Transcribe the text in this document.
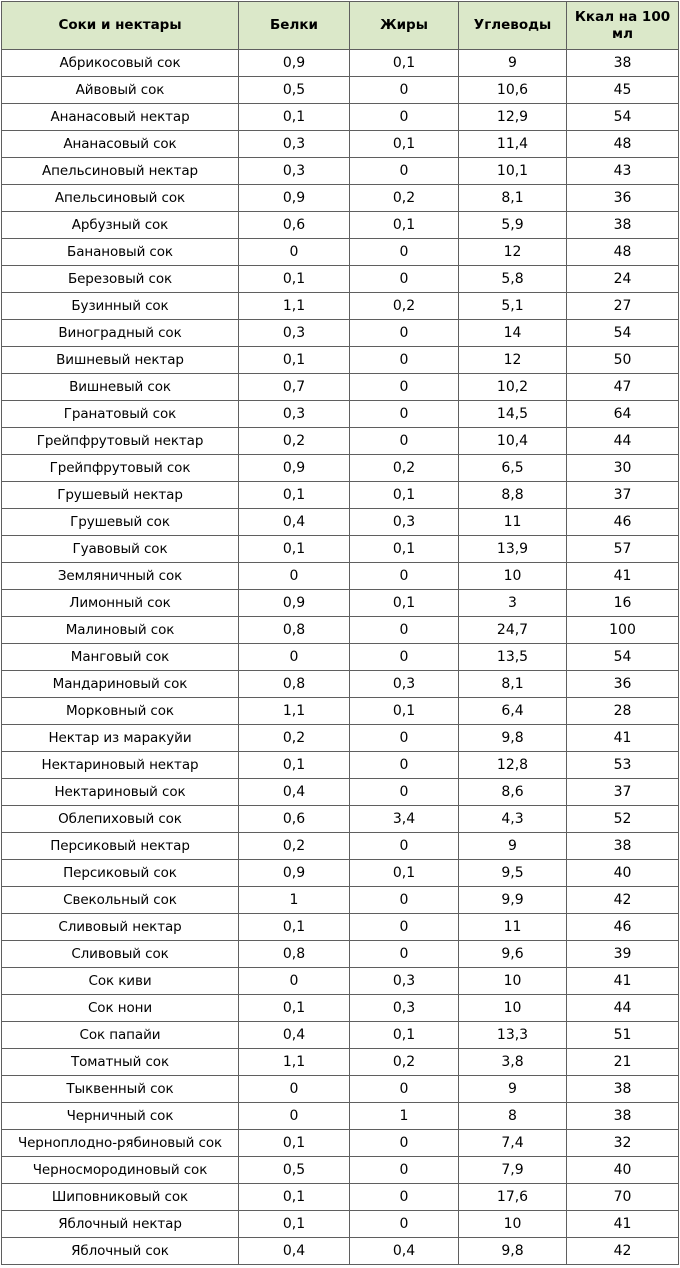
Соки и нектары	Белки	Жиры	Углеводы	Ккал на 100 мл
Абрикосовый сок	0,9	0,1	9	38
Айвовый сок	0,5	0	10,6	45
Ананасовый нектар	0,1	0	12,9	54
Ананасовый сок	0,3	0,1	11,4	48
Апельсиновый нектар	0,3	0	10,1	43
Апельсиновый сок	0,9	0,2	8,1	36
Арбузный сок	0,6	0,1	5,9	38
Банановый сок	0	0	12	48
Березовый сок	0,1	0	5,8	24
Бузинный сок	1,1	0,2	5,1	27
Виноградный сок	0,3	0	14	54
Вишневый нектар	0,1	0	12	50
Вишневый сок	0,7	0	10,2	47
Гранатовый сок	0,3	0	14,5	64
Грейпфрутовый нектар	0,2	0	10,4	44
Грейпфрутовый сок	0,9	0,2	6,5	30
Грушевый нектар	0,1	0,1	8,8	37
Грушевый сок	0,4	0,3	11	46
Гуавовый сок	0,1	0,1	13,9	57
Земляничный сок	0	0	10	41
Лимонный сок	0,9	0,1	3	16
Малиновый сок	0,8	0	24,7	100
Манговый сок	0	0	13,5	54
Мандариновый сок	0,8	0,3	8,1	36
Морковный сок	1,1	0,1	6,4	28
Нектар из маракуйи	0,2	0	9,8	41
Нектариновый нектар	0,1	0	12,8	53
Нектариновый сок	0,4	0	8,6	37
Облепиховый сок	0,6	3,4	4,3	52
Персиковый нектар	0,2	0	9	38
Персиковый сок	0,9	0,1	9,5	40
Свекольный сок	1	0	9,9	42
Сливовый нектар	0,1	0	11	46
Сливовый сок	0,8	0	9,6	39
Сок киви	0	0,3	10	41
Сок нони	0,1	0,3	10	44
Сок папайи	0,4	0,1	13,3	51
Томатный сок	1,1	0,2	3,8	21
Тыквенный сок	0	0	9	38
Черничный сок	0	1	8	38
Черноплодно-рябиновый сок	0,1	0	7,4	32
Черносмородиновый сок	0,5	0	7,9	40
Шиповниковый сок	0,1	0	17,6	70
Яблочный нектар	0,1	0	10	41
Яблочный сок	0,4	0,4	9,8	42
